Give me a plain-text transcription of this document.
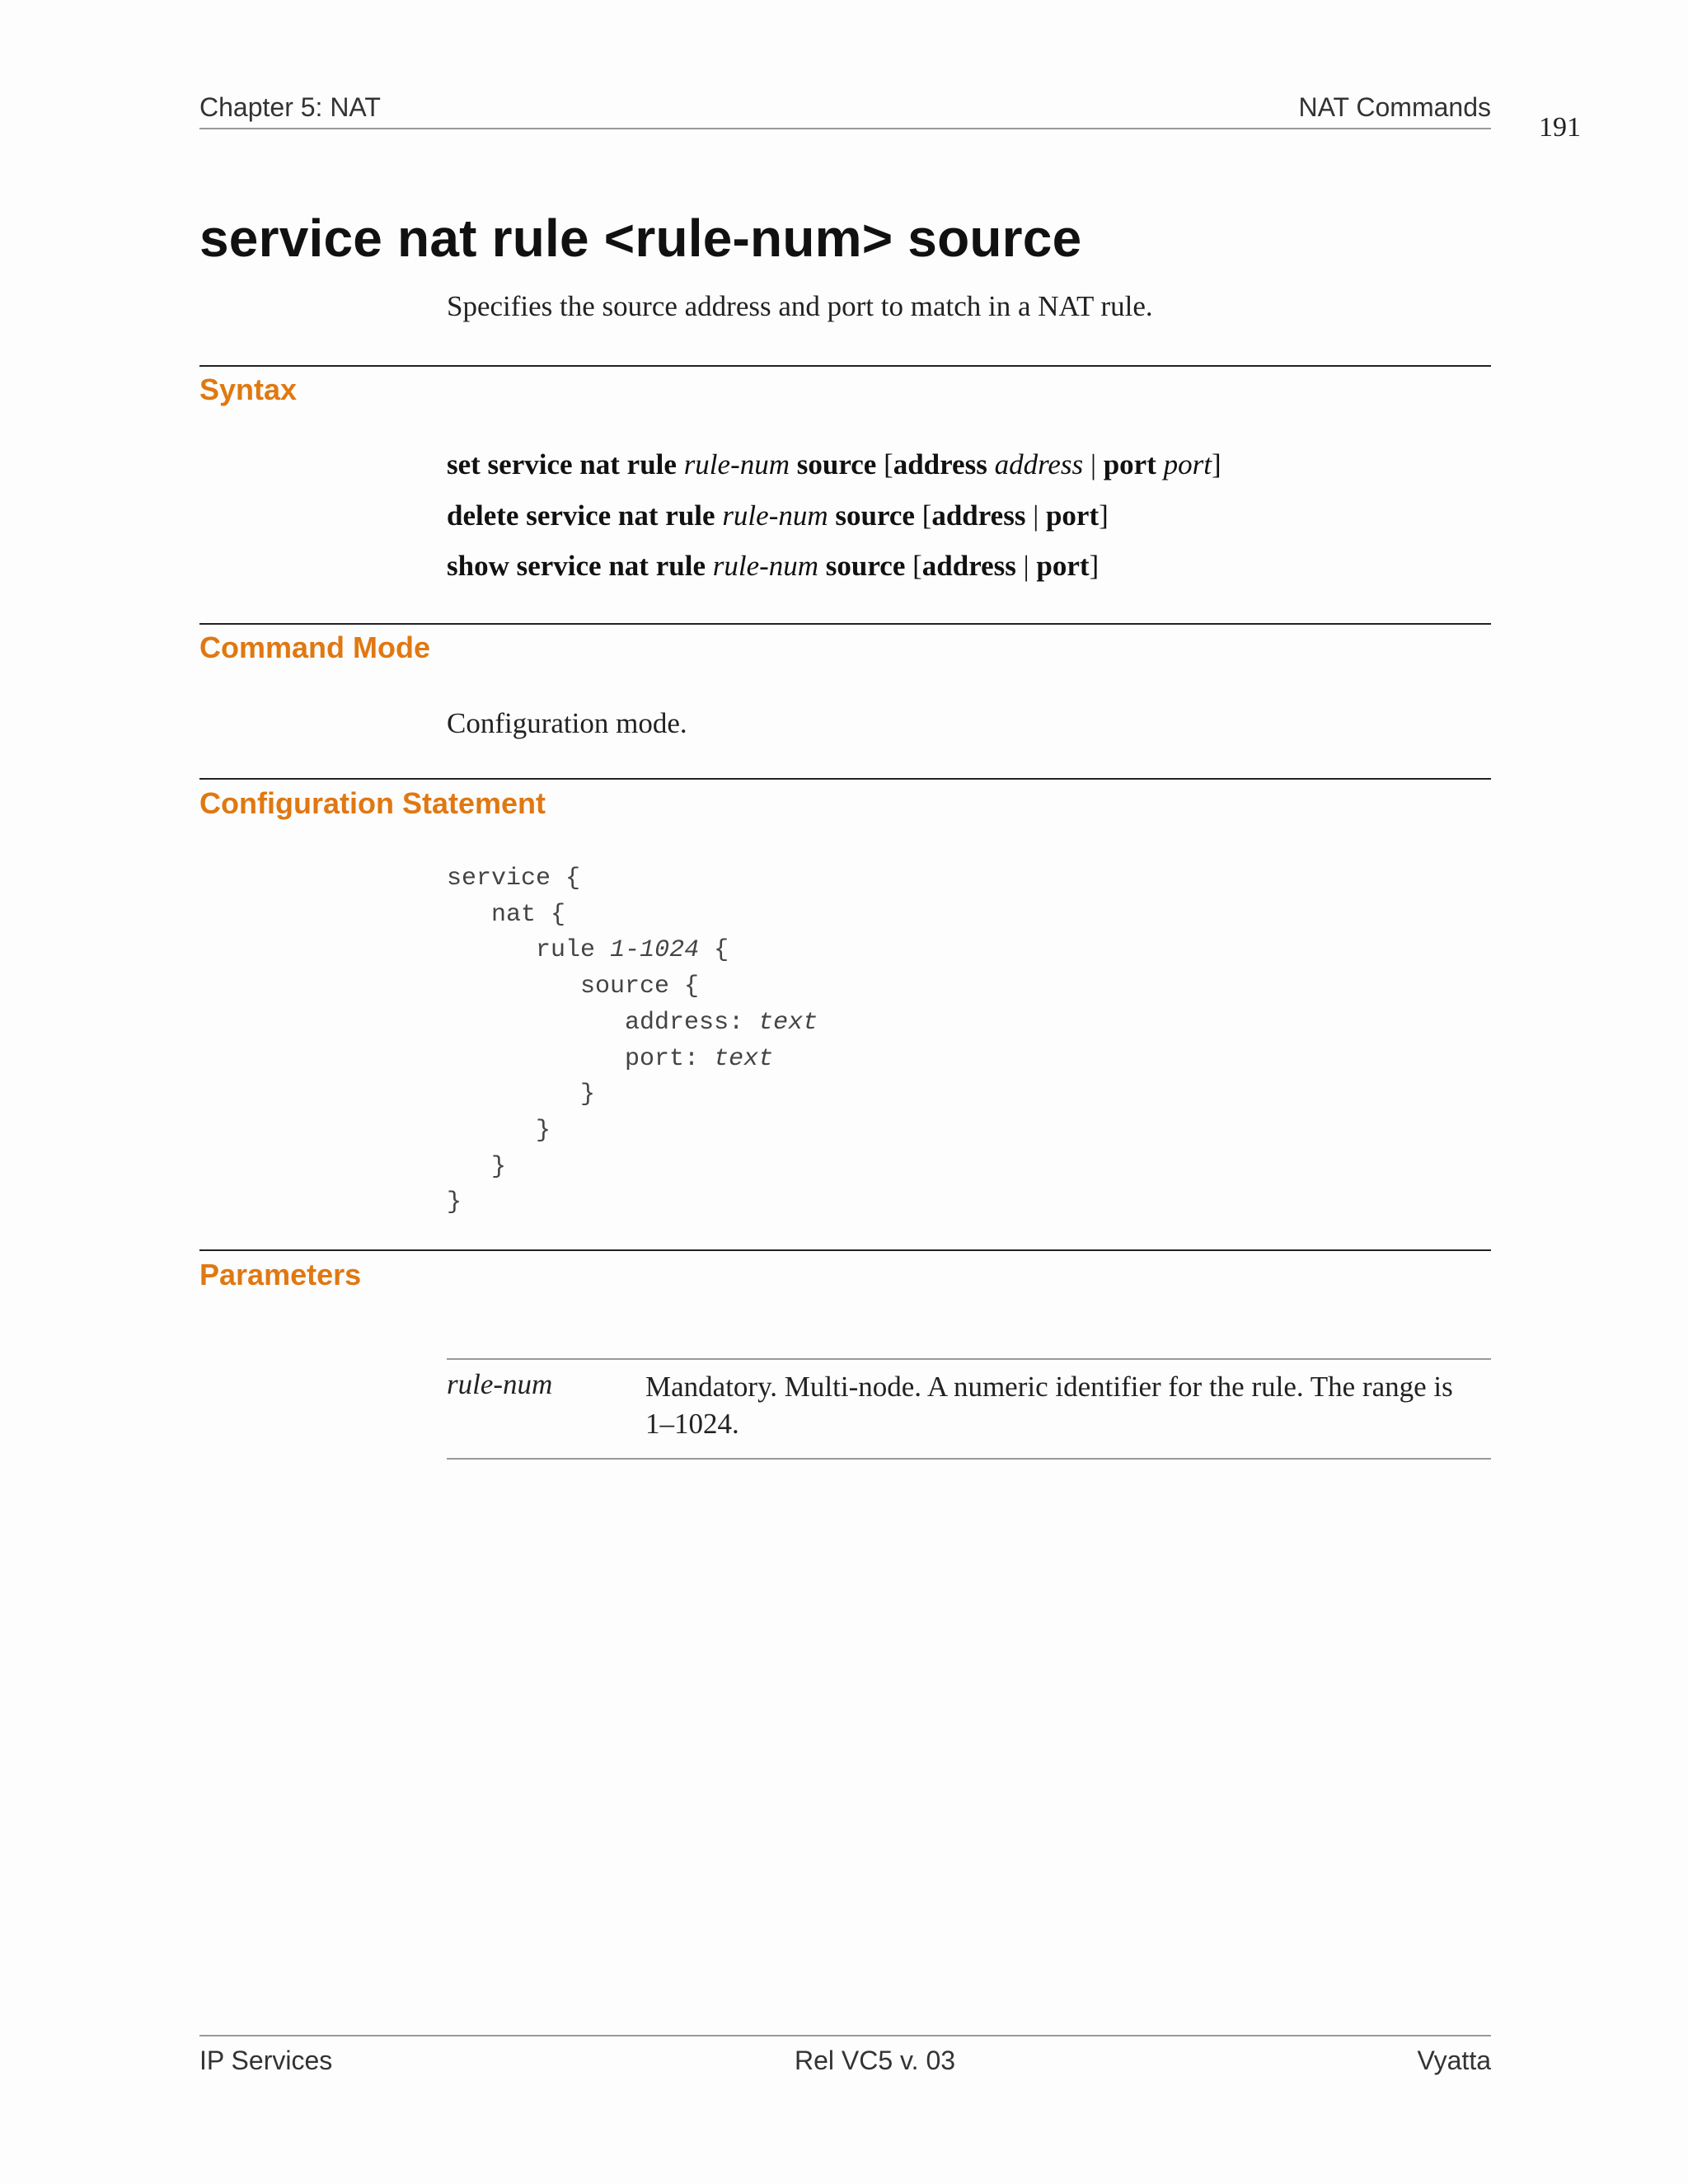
Chapter 5: NAT	NAT Commands
191
service nat rule <rule-num> source
Specifies the source address and port to match in a NAT rule.
Syntax
set service nat rule rule-num source [address address | port port]
delete service nat rule rule-num source [address | port]
show service nat rule rule-num source [address | port]
Command Mode
Configuration mode.
Configuration Statement
service {
nat {
rule 1-1024 {
source {
address: text
port: text
}
}
}
}
Parameters
rule-num	Mandatory. Multi-node. A numeric identifier for the rule. The range is 1–1024.
IP Services	Rel VC5 v. 03	Vyatta
